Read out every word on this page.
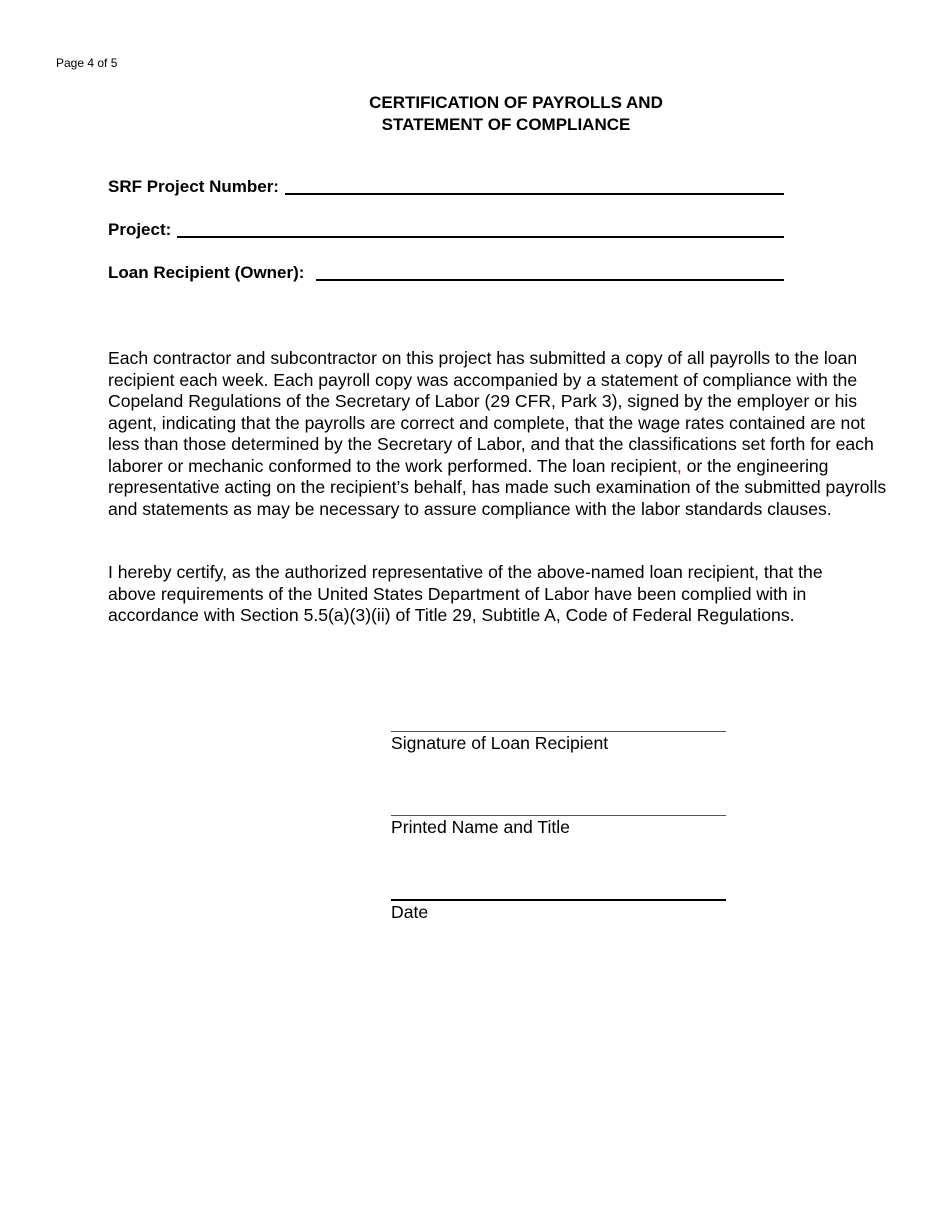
Page 4 of 5
CERTIFICATION OF PAYROLLS AND
STATEMENT OF COMPLIANCE
SRF Project Number:
Project:
Loan Recipient (Owner):

Each contractor and subcontractor on this project has submitted a copy of all payrolls to the loan recipient each week. Each payroll copy was accompanied by a statement of compliance with the Copeland Regulations of the Secretary of Labor (29 CFR, Park 3), signed by the employer or his agent, indicating that the payrolls are correct and complete, that the wage rates contained are not less than those determined by the Secretary of Labor, and that the classifications set forth for each laborer or mechanic conformed to the work performed. The loan recipient, or the engineering representative acting on the recipient’s behalf, has made such examination of the submitted payrolls and statements as may be necessary to assure compliance with the labor standards clauses.

I hereby certify, as the authorized representative of the above-named loan recipient, that the above requirements of the United States Department of Labor have been complied with in accordance with Section 5.5(a)(3)(ii) of Title 29, Subtitle A, Code of Federal Regulations.

Signature of Loan Recipient
Printed Name and Title
Date
